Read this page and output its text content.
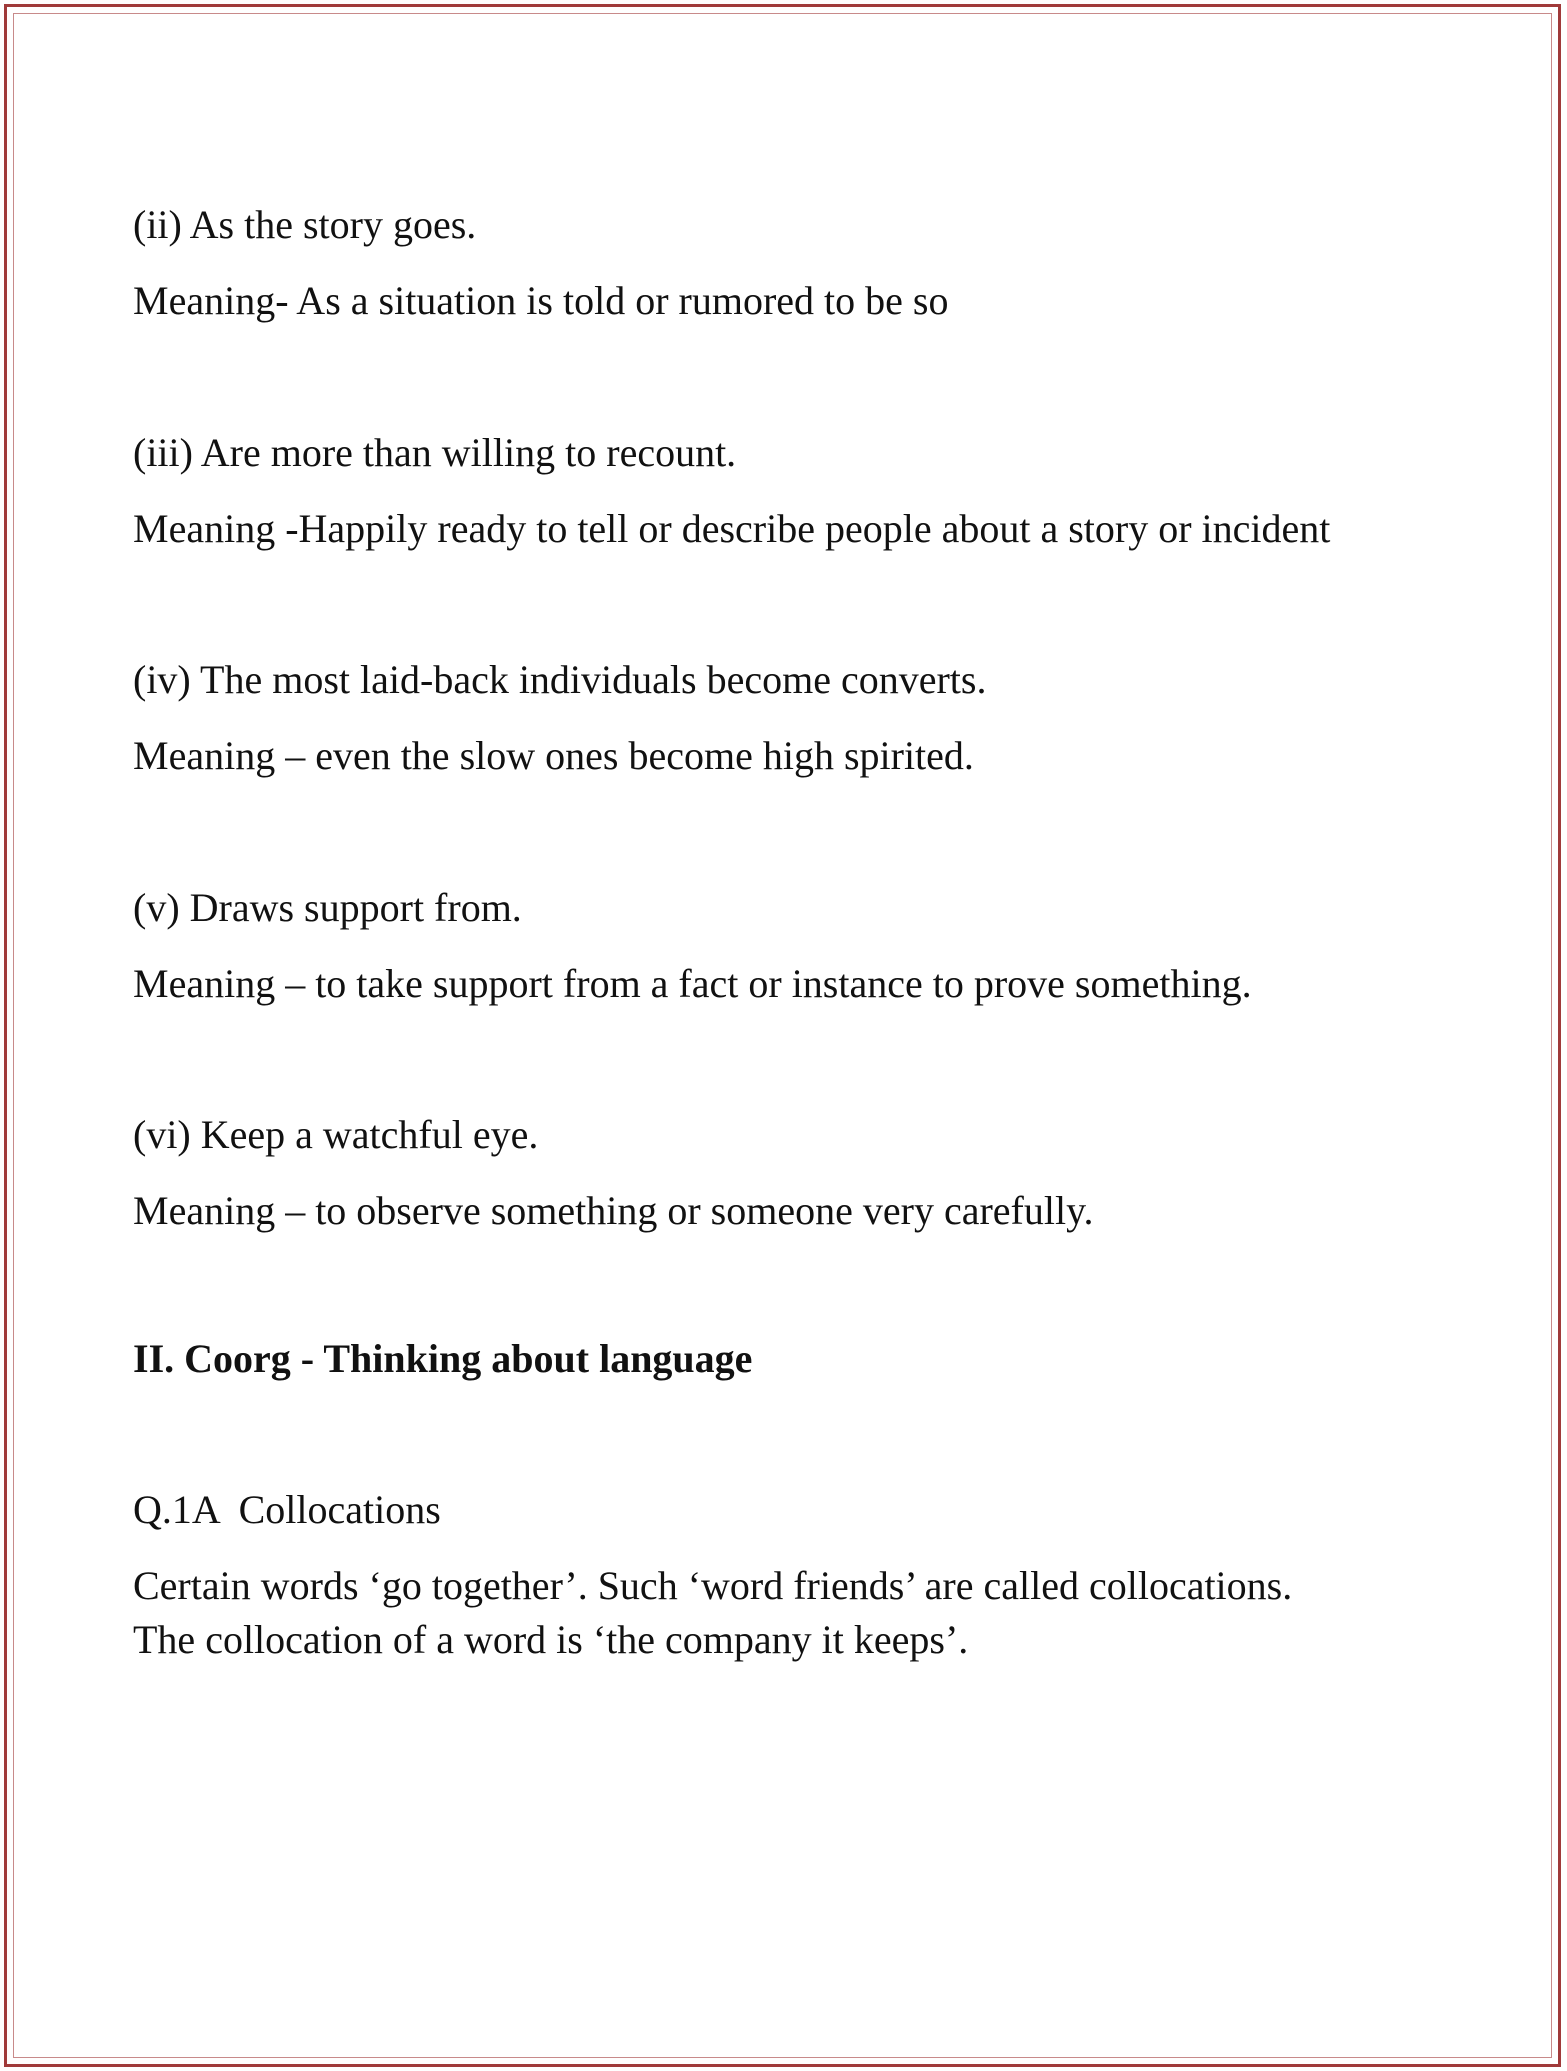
(ii) As the story goes.

Meaning- As a situation is told or rumored to be so

(iii) Are more than willing to recount.

Meaning -Happily ready to tell or describe people about a story or incident

(iv) The most laid-back individuals become converts.

Meaning – even the slow ones become high spirited.

(v) Draws support from.

Meaning – to take support from a fact or instance to prove something.

(vi) Keep a watchful eye.

Meaning – to observe something or someone very carefully.

II. Coorg - Thinking about language

Q.1A  Collocations

Certain words ‘go together’. Such ‘word friends’ are called collocations.

The collocation of a word is ‘the company it keeps’.
